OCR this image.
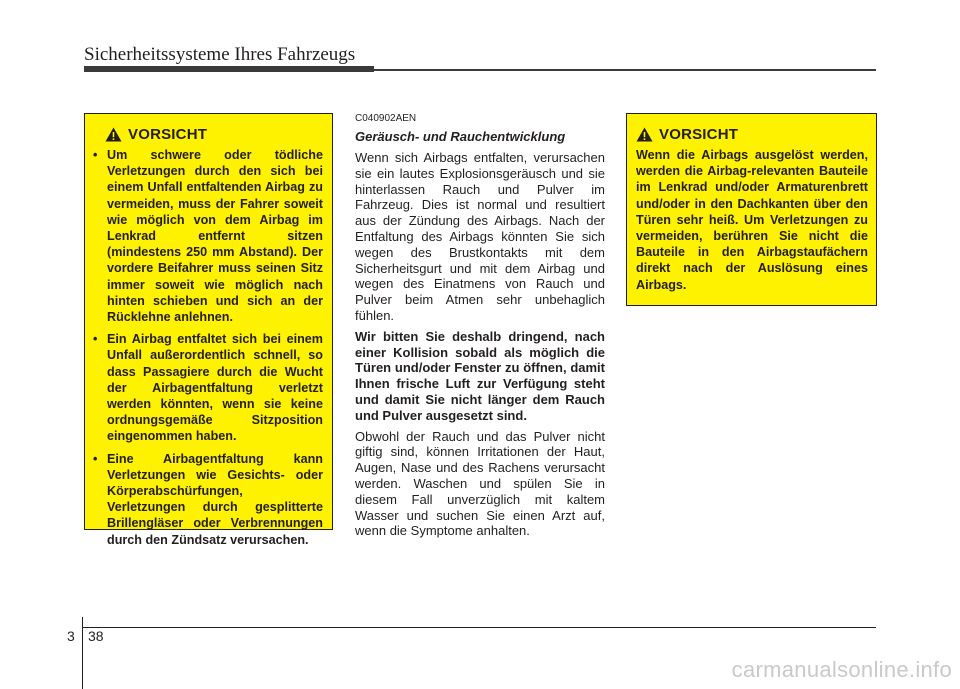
Sicherheitssysteme Ihres Fahrzeugs
VORSICHT
• Um schwere oder tödliche Verletzungen durch den sich bei einem Unfall entfaltenden Airbag zu vermeiden, muss der Fahrer soweit wie möglich von dem Airbag im Lenkrad entfernt sitzen (mindestens 250 mm Abstand). Der vordere Beifahrer muss seinen Sitz immer soweit wie möglich nach hinten schieben und sich an der Rücklehne anlehnen.
• Ein Airbag entfaltet sich bei einem Unfall außerordentlich schnell, so dass Passagiere durch die Wucht der Airbagentfaltung verletzt werden könnten, wenn sie keine ordnungsgemäße Sitzposition eingenommen haben.
• Eine Airbagentfaltung kann Verletzungen wie Gesichts- oder Körperabschürfungen, Verletzungen durch gesplitterte Brillengläser oder Verbrennungen durch den Zündsatz verursachen.
C040902AEN
Geräusch- und Rauchentwicklung

Wenn sich Airbags entfalten, verursachen sie ein lautes Explosionsgeräusch und sie hinterlassen Rauch und Pulver im Fahrzeug. Dies ist normal und resultiert aus der Zündung des Airbags. Nach der Entfaltung des Airbags könnten Sie sich wegen des Brustkontakts mit dem Sicherheitsgurt und mit dem Airbag und wegen des Einatmens von Rauch und Pulver beim Atmen sehr unbehaglich fühlen.

Wir bitten Sie deshalb dringend, nach einer Kollision sobald als möglich die Türen und/oder Fenster zu öffnen, damit Ihnen frische Luft zur Verfügung steht und damit Sie nicht länger dem Rauch und Pulver ausgesetzt sind.

Obwohl der Rauch und das Pulver nicht giftig sind, können Irritationen der Haut, Augen, Nase und des Rachens verursacht werden. Waschen und spülen Sie in diesem Fall unverzüglich mit kaltem Wasser und suchen Sie einen Arzt auf, wenn die Symptome anhalten.

VORSICHT

Wenn die Airbags ausgelöst werden, werden die Airbag-relevanten Bauteile im Lenkrad und/oder Armaturenbrett und/oder in den Dachkanten über den Türen sehr heiß. Um Verletzungen zu vermeiden, berühren Sie nicht die Bauteile in den Airbagstaufächern direkt nach der Auslösung eines Airbags.

3 38
carmanualsonline.info
